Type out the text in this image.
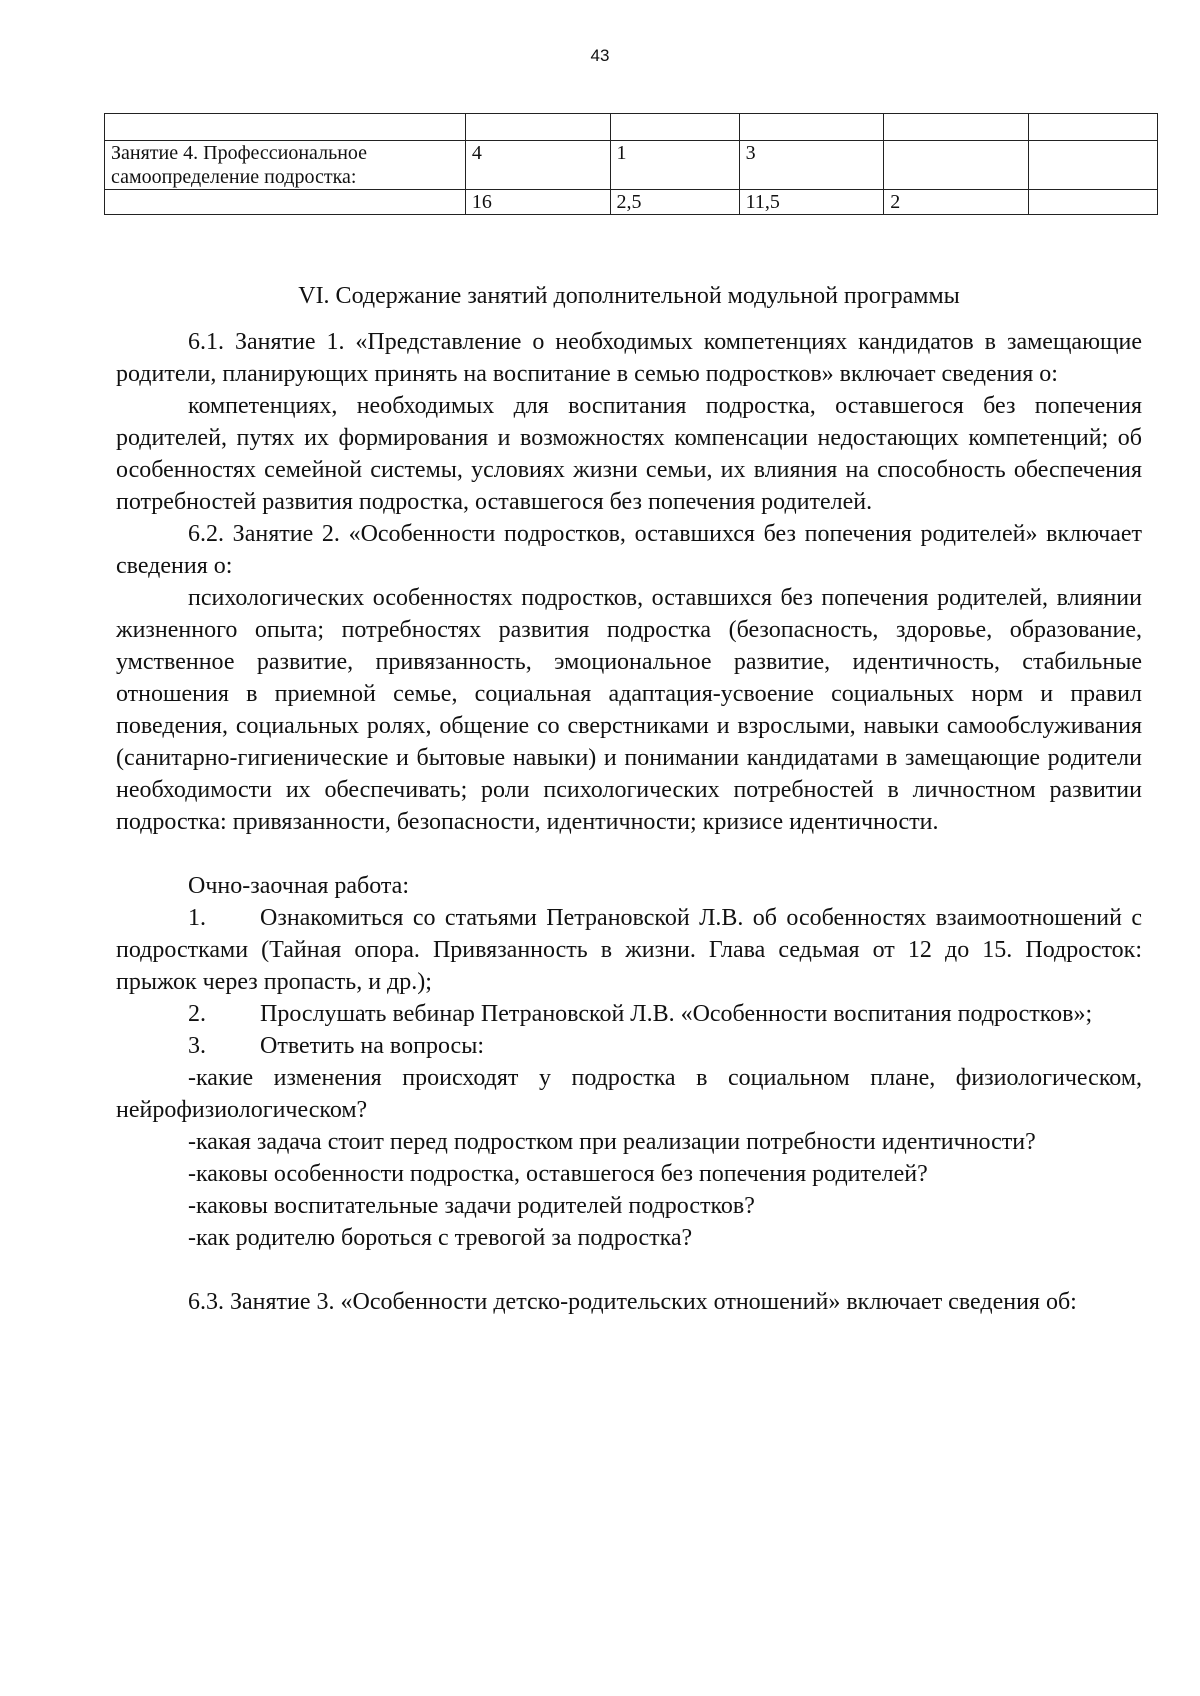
43

Занятие 4. Профессиональное самоопределение подростка:	4	1	3		
	16	2,5	11,5	2	
VI. Содержание занятий дополнительной модульной программы

6.1. Занятие 1. «Представление о необходимых компетенциях кандидатов в замещающие родители, планирующих принять на воспитание в семью подростков» включает сведения о:

компетенциях, необходимых для воспитания подростка, оставшегося без попечения родителей, путях их формирования и возможностях компенсации недостающих компетенций; об особенностях семейной системы, условиях жизни семьи, их влияния на способность обеспечения потребностей развития подростка, оставшегося без попечения родителей.

6.2. Занятие 2. «Особенности подростков, оставшихся без попечения родителей» включает сведения о:

психологических особенностях подростков, оставшихся без попечения родителей, влиянии жизненного опыта; потребностях развития подростка (безопасность, здоровье, образование, умственное развитие, привязанность, эмоциональное развитие, идентичность, стабильные отношения в приемной семье, социальная адаптация-усвоение социальных норм и правил поведения, социальных ролях, общение со сверстниками и взрослыми, навыки самообслуживания (санитарно-гигиенические и бытовые навыки) и понимании кандидатами в замещающие родители необходимости их обеспечивать; роли психологических потребностей в личностном развитии подростка: привязанности, безопасности, идентичности; кризисе идентичности.

Очно-заочная работа:

1. Ознакомиться со статьями Петрановской Л.В. об особенностях взаимоотношений с подростками (Тайная опора. Привязанность в жизни. Глава седьмая от 12 до 15. Подросток: прыжок через пропасть, и др.);

2. Прослушать вебинар Петрановской Л.В. «Особенности воспитания подростков»;

3. Ответить на вопросы:

-какие изменения происходят у подростка в социальном плане, физиологическом, нейрофизиологическом?

-какая задача стоит перед подростком при реализации потребности идентичности?

-каковы особенности подростка, оставшегося без попечения родителей?

-каковы воспитательные задачи родителей подростков?

-как родителю бороться с тревогой за подростка?

6.3. Занятие 3. «Особенности детско-родительских отношений» включает сведения об:
